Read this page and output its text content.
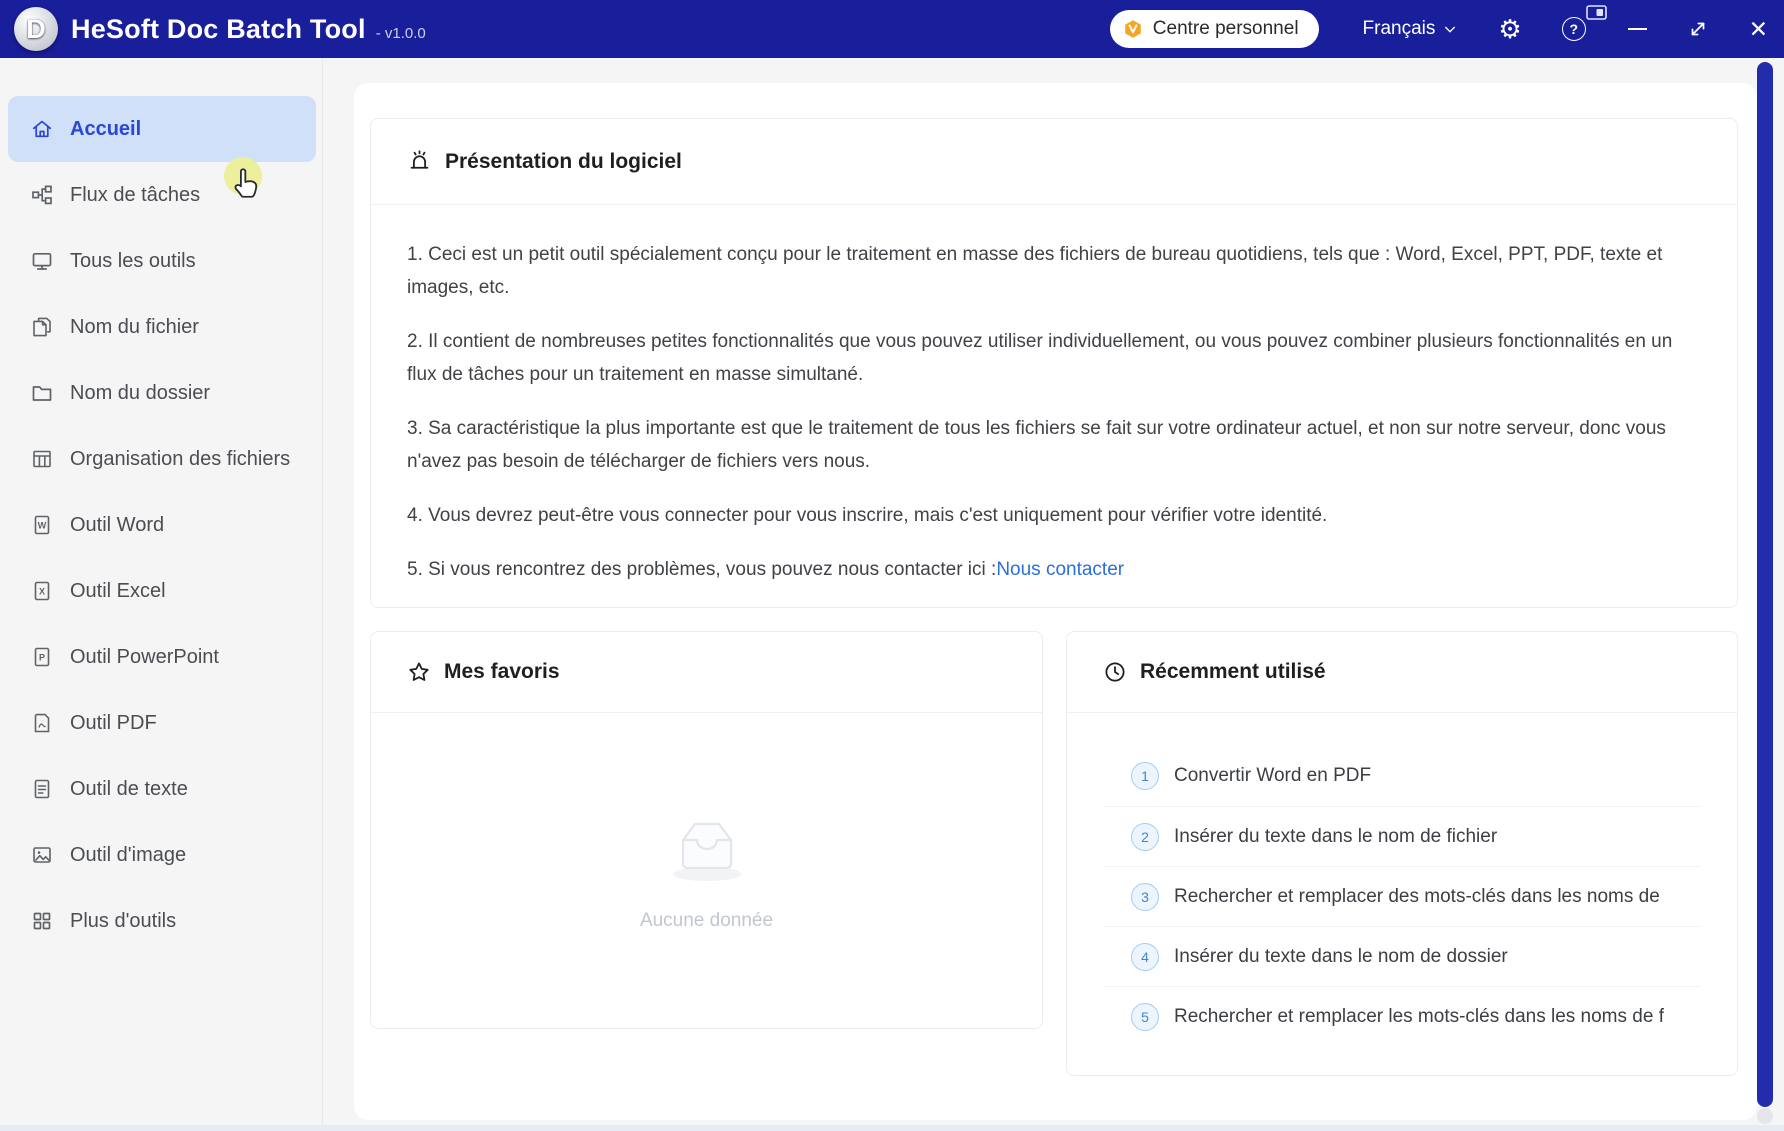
D HeSoft Doc Batch Tool - v1.0.0	Centre personnel	Français ⚙	?	✕
Accueil
Flux de tâches
Tous les outils
Nom du fichier
Nom du dossier
Organisation des fichiers
W Outil Word
X Outil Excel
P Outil PowerPoint
Outil PDF
Outil de texte
Outil d'image
Plus d'outils
Présentation du logiciel

1. Ceci est un petit outil spécialement conçu pour le traitement en masse des fichiers de bureau quotidiens, tels que : Word, Excel, PPT, PDF, texte et images, etc.

2. Il contient de nombreuses petites fonctionnalités que vous pouvez utiliser individuellement, ou vous pouvez combiner plusieurs fonctionnalités en un flux de tâches pour un traitement en masse simultané.

3. Sa caractéristique la plus importante est que le traitement de tous les fichiers se fait sur votre ordinateur actuel, et non sur notre serveur, donc vous n'avez pas besoin de télécharger de fichiers vers nous.

4. Vous devrez peut-être vous connecter pour vous inscrire, mais c'est uniquement pour vérifier votre identité.

5. Si vous rencontrez des problèmes, vous pouvez nous contacter ici :Nous contacter

Mes favoris
Aucune donnée
Récemment utilisé
1	Convertir Word en PDF
2	Insérer du texte dans le nom de fichier
3	Rechercher et remplacer des mots-clés dans les noms de
4	Insérer du texte dans le nom de dossier
5	Rechercher et remplacer les mots-clés dans les noms de f
